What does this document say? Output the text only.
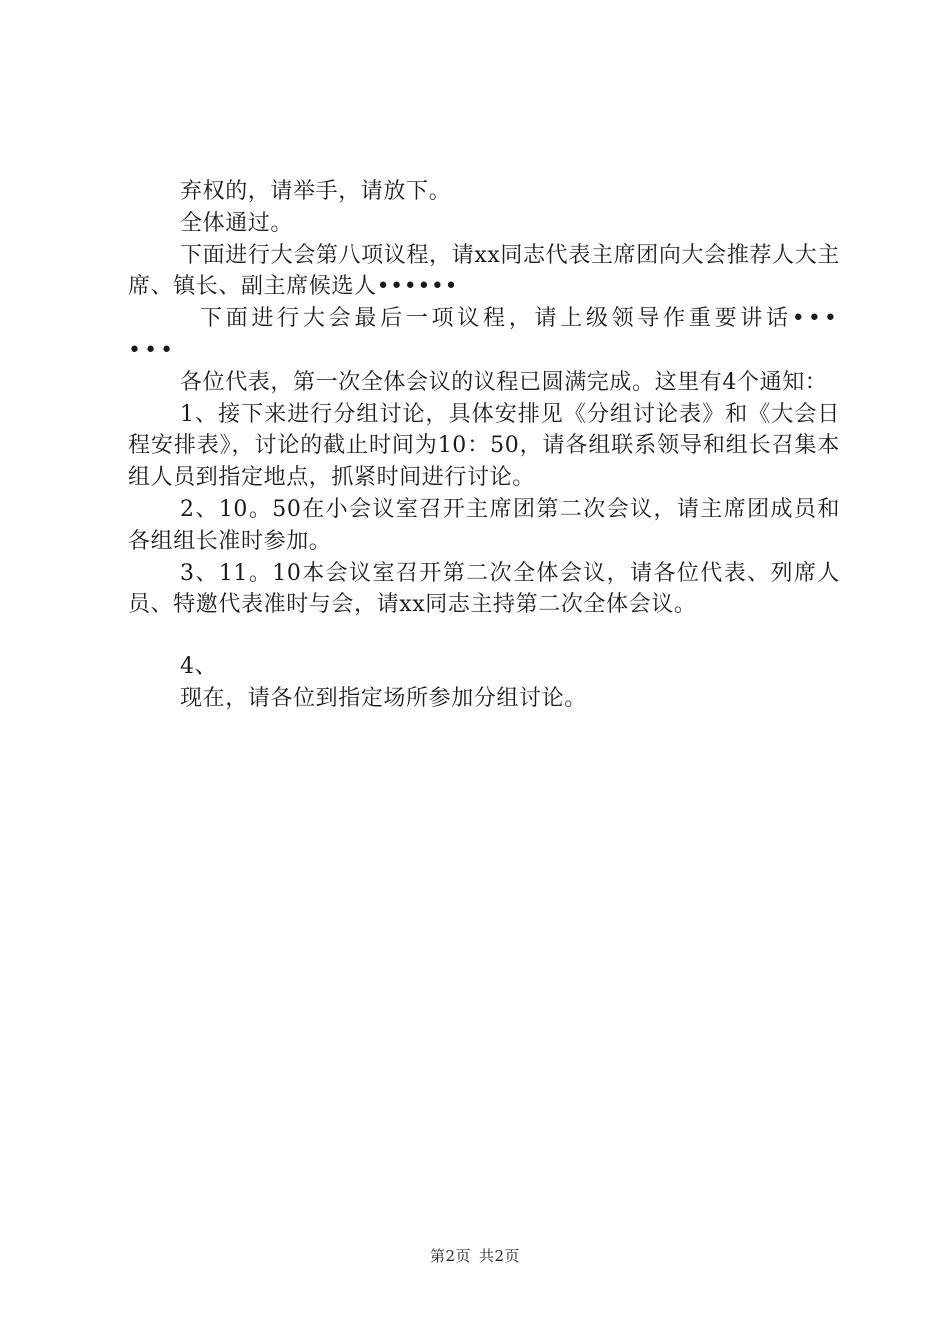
弃权的，请举手，请放下。

全体通过。

下面进行大会第八项议程，请xx同志代表主席团向大会推荐人大主席、镇长、副主席候选人••••••

下面进行大会最后一项议程，请上级领导作重要讲话••••••

各位代表，第一次全体会议的议程已圆满完成。这里有4个通知：

1、接下来进行分组讨论，具体安排见《分组讨论表》和《大会日程安排表》，讨论的截止时间为10：50，请各组联系领导和组长召集本组人员到指定地点，抓紧时间进行讨论。

2、10。50在小会议室召开主席团第二次会议，请主席团成员和各组组长准时参加。

3、11。10本会议室召开第二次全体会议，请各位代表、列席人员、特邀代表准时与会，请xx同志主持第二次全体会议。

4、

现在，请各位到指定场所参加分组讨论。

第2页 共2页
